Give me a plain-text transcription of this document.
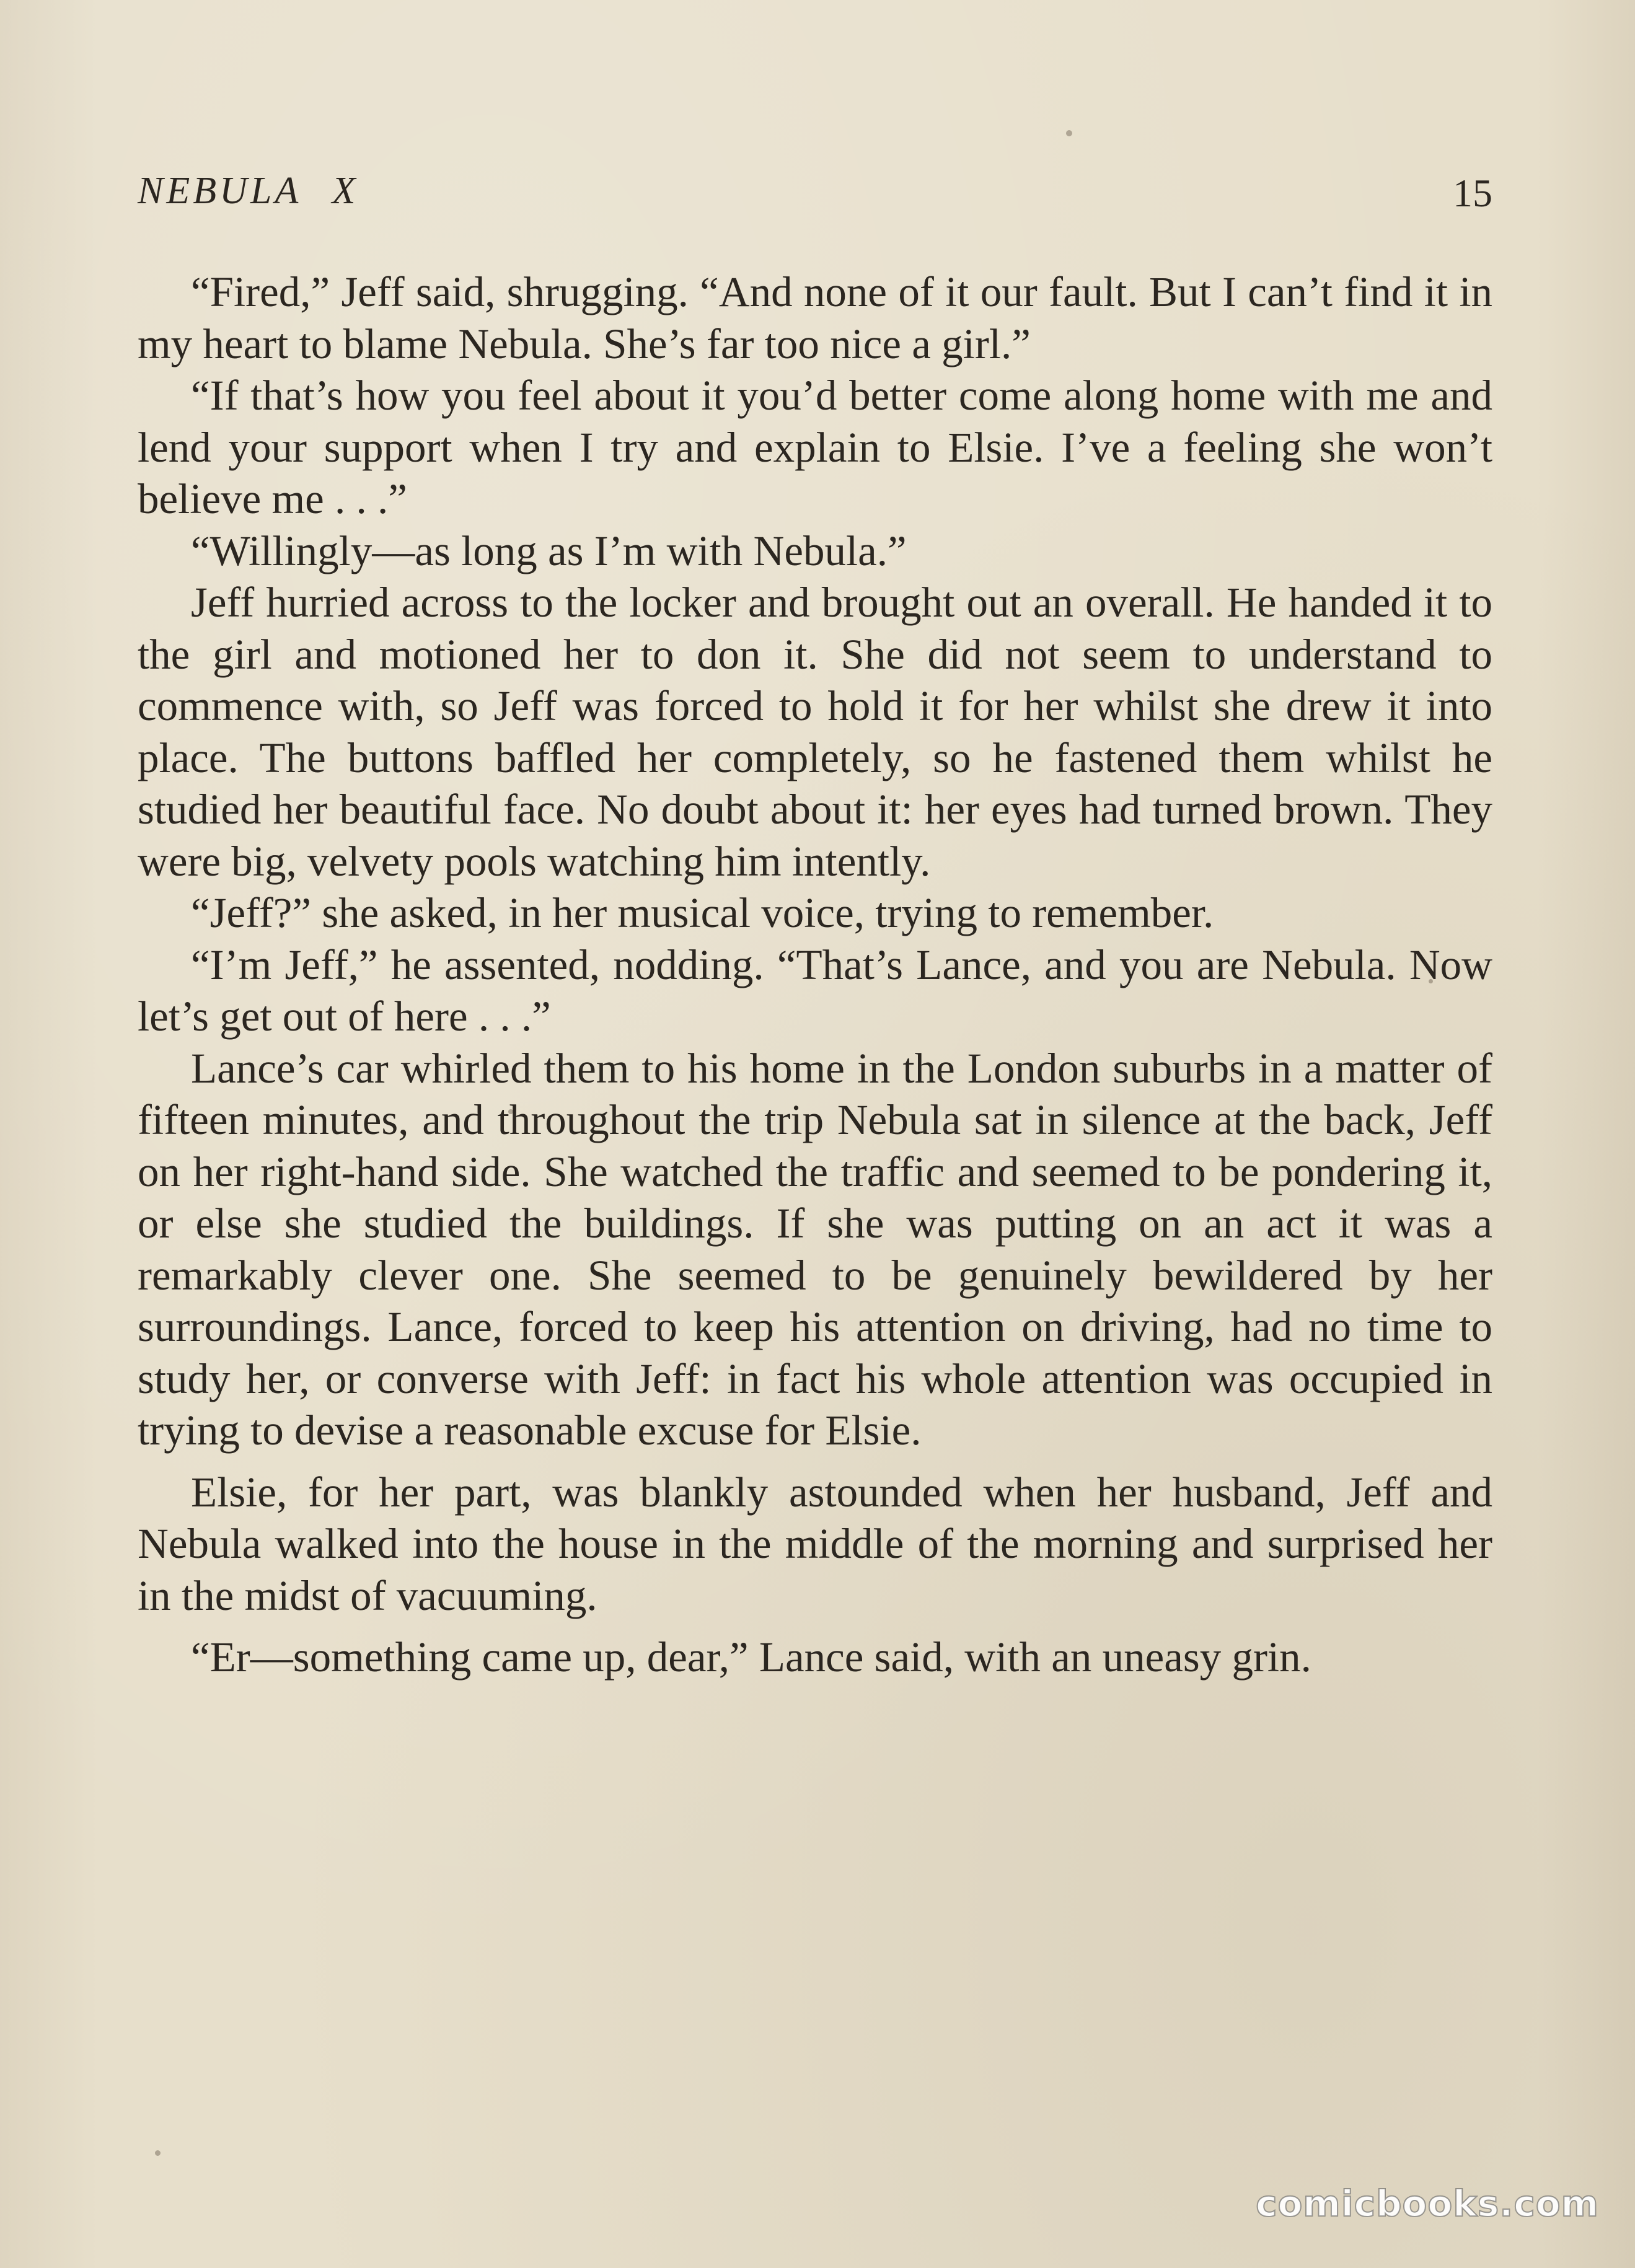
NEBULA X	15

“Fired,” Jeff said, shrugging. “And none of it our fault. But I can’t find it in my heart to blame Nebula. She’s far too nice a girl.”

“If that’s how you feel about it you’d better come along home with me and lend your support when I try and explain to Elsie. I’ve a feeling she won’t believe me . . .”

“Willingly—as long as I’m with Nebula.”

Jeff hurried across to the locker and brought out an overall. He handed it to the girl and motioned her to don it. She did not seem to understand to commence with, so Jeff was forced to hold it for her whilst she drew it into place. The buttons baffled her completely, so he fastened them whilst he studied her beautiful face. No doubt about it: her eyes had turned brown. They were big, velvety pools watching him intently.

“Jeff?” she asked, in her musical voice, trying to remember.

“I’m Jeff,” he assented, nodding. “That’s Lance, and you are Nebula. Now let’s get out of here . . .”

Lance’s car whirled them to his home in the London suburbs in a matter of fifteen minutes, and throughout the trip Nebula sat in silence at the back, Jeff on her right-hand side. She watched the traffic and seemed to be pondering it, or else she studied the buildings. If she was putting on an act it was a remarkably clever one. She seemed to be genuinely bewildered by her surroundings. Lance, forced to keep his attention on driving, had no time to study her, or converse with Jeff: in fact his whole attention was occupied in trying to devise a reasonable excuse for Elsie.

Elsie, for her part, was blankly astounded when her husband, Jeff and Nebula walked into the house in the middle of the morning and surprised her in the midst of vacuuming.

“Er—something came up, dear,” Lance said, with an uneasy grin.

comicbooks.com
